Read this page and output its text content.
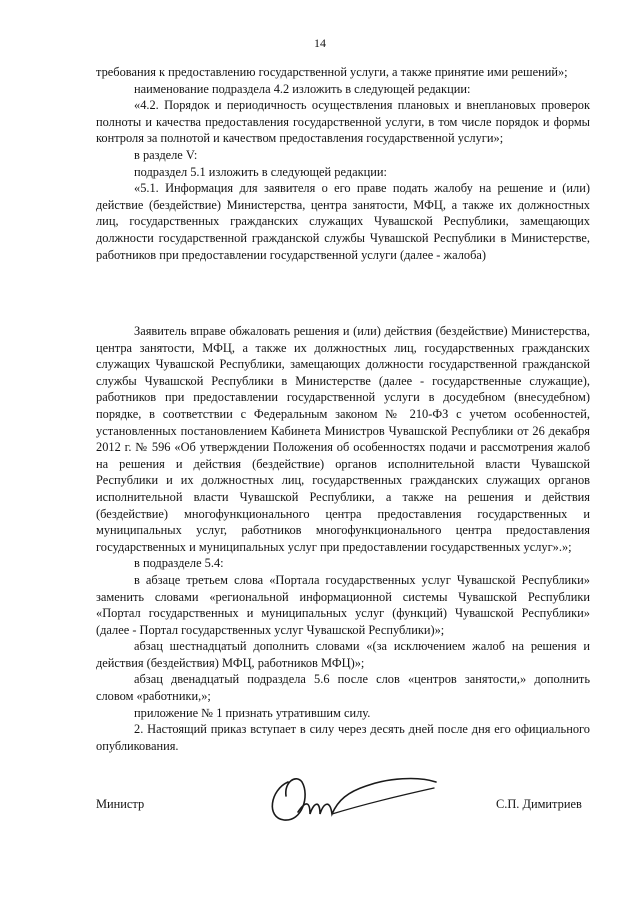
14

требования к предоставлению государственной услуги, а также принятие ими решений»;

наименование подраздела 4.2 изложить в следующей редакции:

«4.2. Порядок и периодичность осуществления плановых и внеплановых проверок полноты и качества предоставления государственной услуги, в том числе порядок и формы контроля за полнотой и качеством предоставления государственной услуги»;

в разделе V:

подраздел 5.1 изложить в следующей редакции:

«5.1. Информация для заявителя о его праве подать жалобу на решение и (или) действие (бездействие) Министерства, центра занятости, МФЦ, а также их должностных лиц, государственных гражданских служащих Чувашской Республики, замещающих должности государственной гражданской службы Чувашской Республики в Министерстве, работников при предоставлении государственной услуги (далее - жалоба)

Заявитель вправе обжаловать решения и (или) действия (бездействие) Министерства, центра занятости, МФЦ, а также их должностных лиц, государственных гражданских служащих Чувашской Республики, замещающих должности государственной гражданской службы Чувашской Республики в Министерстве (далее - государственные служащие), работников при предоставлении государственной услуги в досудебном (внесудебном) порядке, в соответствии с Федеральным законом № 210-ФЗ с учетом особенностей, установленных постановлением Кабинета Министров Чувашской Республики от 26 декабря 2012 г. № 596 «Об утверждении Положения об особенностях подачи и рассмотрения жалоб на решения и действия (бездействие) органов исполнительной власти Чувашской Республики и их должностных лиц, государственных гражданских служащих органов исполнительной власти Чувашской Республики, а также на решения и действия (бездействие) многофункционального центра предоставления государственных и муниципальных услуг, работников многофункционального центра предоставления государственных и муниципальных услуг при предоставлении государственных услуг».»;

в подразделе 5.4:

в абзаце третьем слова «Портала государственных услуг Чувашской Республики» заменить словами «региональной информационной системы Чувашской Республики «Портал государственных и муниципальных услуг (функций) Чувашской Республики» (далее - Портал государственных услуг Чувашской Республики)»;

абзац шестнадцатый дополнить словами «(за исключением жалоб на решения и действия (бездействия) МФЦ, работников МФЦ)»;

абзац двенадцатый подраздела 5.6 после слов «центров занятости,» дополнить словом «работники,»;

приложение № 1 признать утратившим силу.

2. Настоящий приказ вступает в силу через десять дней после дня его официального опубликования.

Министр	С.П. Димитриев
